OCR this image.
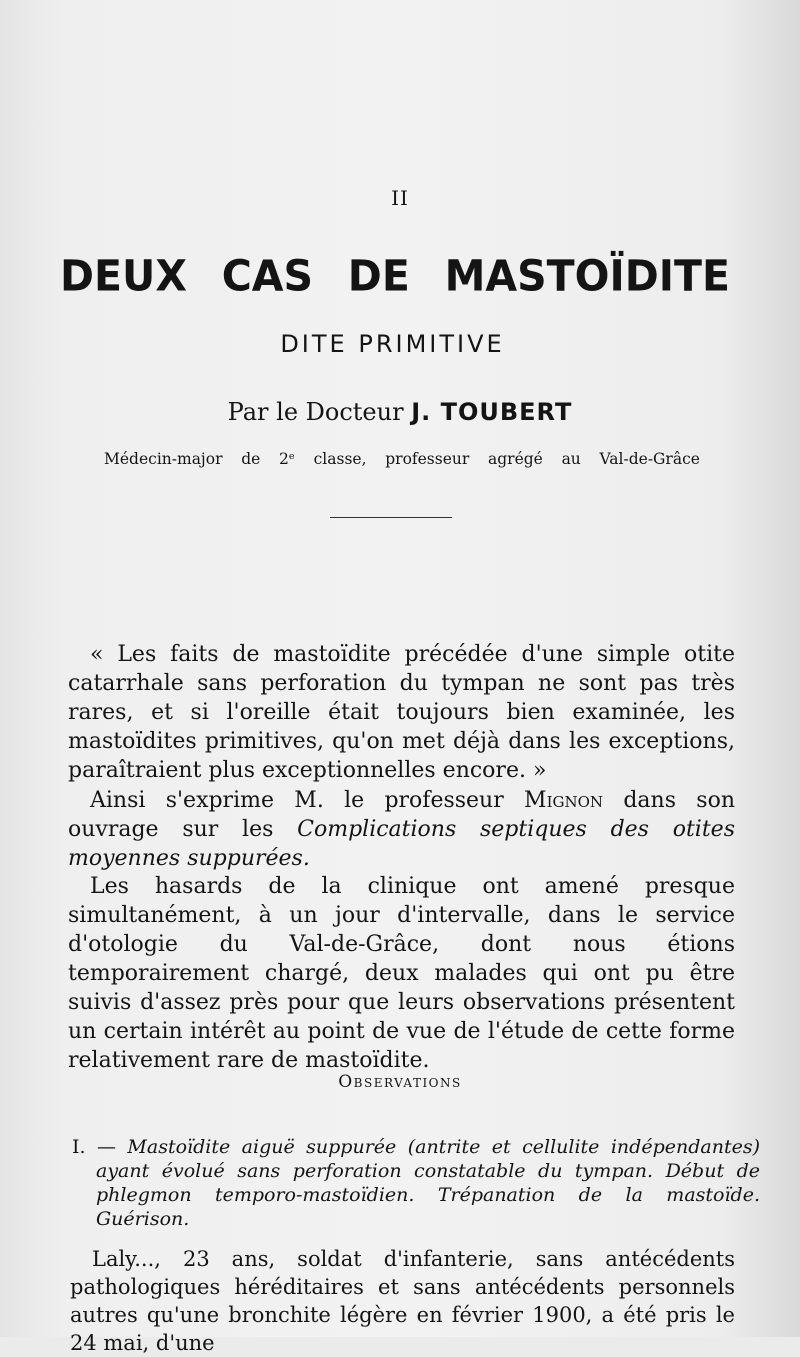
II
DEUX CAS DE MASTOÏDITE
DITE PRIMITIVE
Par le Docteur J. TOUBERT
Médecin-major de 2ᵉ classe, professeur agrégé au Val-de-Grâce

« Les faits de mastoïdite précédée d'une simple otite catarrhale sans perforation du tympan ne sont pas très rares, et si l'oreille était toujours bien examinée, les mastoïdites primitives, qu'on met déjà dans les exceptions, paraîtraient plus exceptionnelles encore. »

Ainsi s'exprime M. le professeur Mignon dans son ouvrage sur les Complications septiques des otites moyennes suppurées.

Les hasards de la clinique ont amené presque simultanément, à un jour d'intervalle, dans le service d'otologie du Val-de-Grâce, dont nous étions temporairement chargé, deux malades qui ont pu être suivis d'assez près pour que leurs observations présentent un certain intérêt au point de vue de l'étude de cette forme relativement rare de mastoïdite.

Observations

I. — Mastoïdite aiguë suppurée (antrite et cellulite indépendantes) ayant évolué sans perforation constatable du tympan. Début de phlegmon temporo-mastoïdien. Trépanation de la mastoïde. Guérison.

Laly..., 23 ans, soldat d'infanterie, sans antécédents pathologiques héréditaires et sans antécédents personnels autres qu'une bronchite légère en février 1900, a été pris le 24 mai, d'une
